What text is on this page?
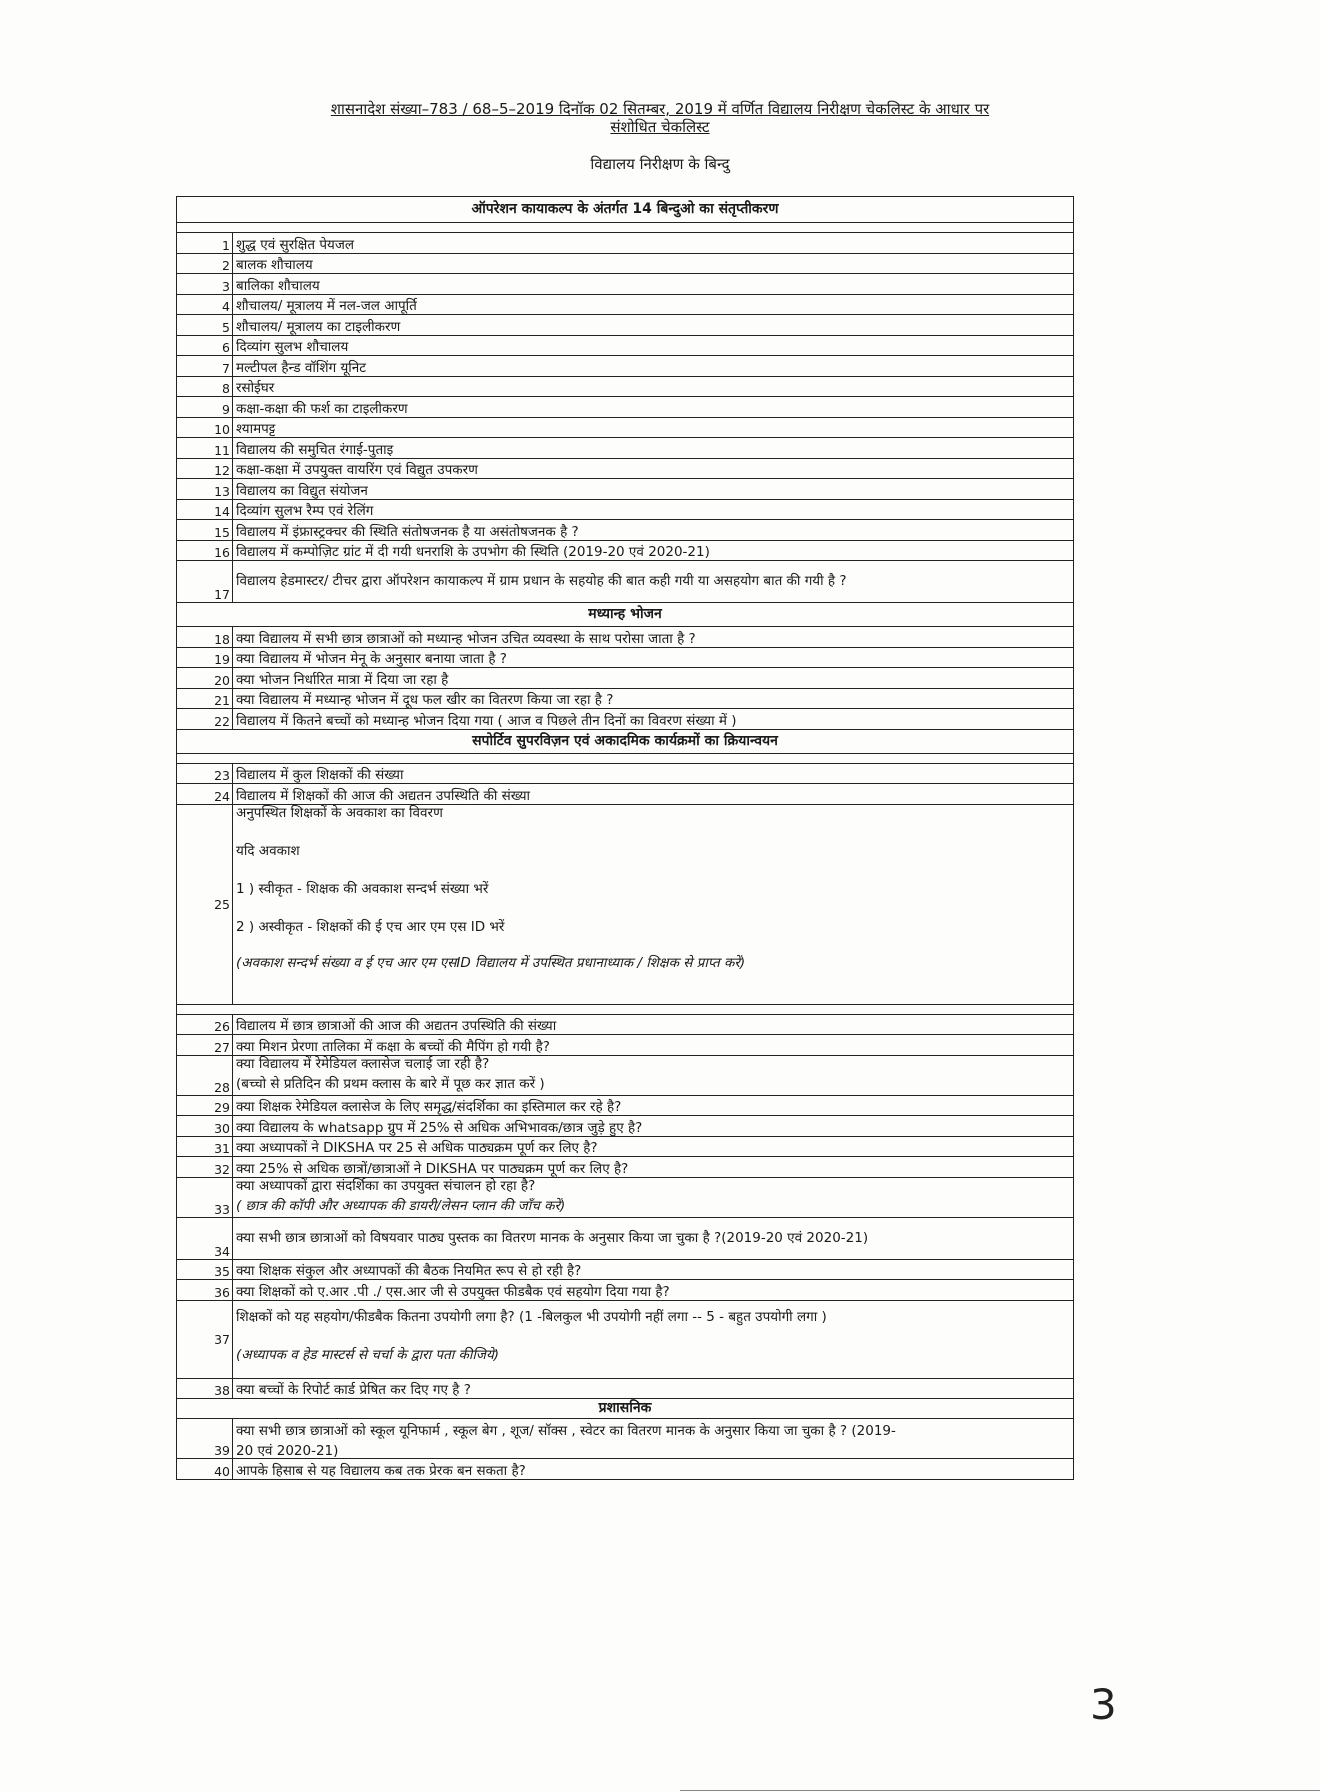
शासनादेश संख्या–783 / 68–5–2019 दिनॉक 02 सितम्बर, 2019 में वर्णित विद्यालय निरीक्षण चेकलिस्ट के आधार पर
संशोधित चेकलिस्ट
विद्यालय निरीक्षण के बिन्दु
ऑपरेशन कायाकल्प के अंतर्गत 14 बिन्दुओ का संतृप्तीकरण
1 शुद्ध एवं सुरक्षित पेयजल
2 बालक शौचालय
3 बालिका शौचालय
4 शौचालय/ मूत्रालय में नल-जल आपूर्ति
5 शौचालय/ मूत्रालय का टाइलीकरण
6 दिव्यांग सुलभ शौचालय
7 मल्टीपल हैन्ड वॉशिंग यूनिट
8 रसोईघर
9 कक्षा-कक्षा की फर्श का टाइलीकरण
10 श्यामपट्ट
11 विद्यालय की समुचित रंगाई-पुताइ
12 कक्षा-कक्षा में उपयुक्त वायरिंग एवं विद्युत उपकरण
13 विद्यालय का विद्युत संयोजन
14 दिव्यांग सुलभ रैम्प एवं रेलिंग
15 विद्यालय में इंफ्रास्ट्रक्चर की स्थिति संतोषजनक है या असंतोषजनक है ?
16 विद्यालय में कम्पोज़िट ग्रांट में दी गयी धनराशि के उपभोग की स्थिति (2019-20 एवं 2020-21)
17
विद्यालय हेडमास्टर/ टीचर द्वारा ऑपरेशन कायाकल्प में ग्राम प्रधान के सहयोह की बात कही गयी या असहयोग बात की गयी है ?
मध्यान्ह भोजन
18 क्या विद्यालय में सभी छात्र छात्राओं को मध्यान्ह भोजन उचित व्यवस्था के साथ परोसा जाता है ?
19 क्या विद्यालय में भोजन मेनू के अनुसार बनाया जाता है ?
20 क्या भोजन निर्धारित मात्रा में दिया जा रहा है
21 क्या विद्यालय में मध्यान्ह भोजन में दूध फल खीर का वितरण किया जा रहा है ?
22 विद्यालय में कितने बच्चों को मध्यान्ह भोजन दिया गया ( आज व पिछले तीन दिनों का विवरण संख्या में )
सपोर्टिव सुपरविज़न एवं अकादमिक कार्यक्रमों का क्रियान्वयन
23 विद्यालय में कुल शिक्षकों की संख्या
24 विद्यालय में शिक्षकों की आज की अद्यतन उपस्थिति की संख्या
25
अनुपस्थित शिक्षकों के अवकाश का विवरण
यदि अवकाश
1 ) स्वीकृत - शिक्षक की अवकाश सन्दर्भ संख्या भरें
2 ) अस्वीकृत - शिक्षकों की ई एच आर एम एस ID भरें
(अवकाश सन्दर्भ संख्या व ई एच आर एम एसID विद्यालय में उपस्थित प्रधानाध्याक / शिक्षक से प्राप्त करें)
26 विद्यालय में छात्र छात्राओं की आज की अद्यतन उपस्थिति की संख्या
27 क्या मिशन प्रेरणा तालिका में कक्षा के बच्चों की मैपिंग हो गयी है?
28
क्या विद्यालय में रेमेडियल क्लासेज चलाई जा रही है?
(बच्चो से प्रतिदिन की प्रथम क्लास के बारे में पूछ कर ज्ञात करें )
29 क्या शिक्षक रेमेडियल क्लासेज के लिए समृद्ध/संदर्शिका का इस्तिमाल कर रहे है?
30 क्या विद्यालय के whatsapp ग्रुप में 25% से अधिक अभिभावक/छात्र जुड़े हुए है?
31 क्या अध्यापकों ने DIKSHA पर 25 से अधिक पाठ्यक्रम पूर्ण कर लिए है?
32 क्या 25% से अधिक छात्रों/छात्राओं ने DIKSHA पर पाठ्यक्रम पूर्ण कर लिए है?
33
क्या अध्यापकों द्वारा संदर्शिका का उपयुक्त संचालन हो रहा है?
( छात्र की कॉपी और अध्यापक की डायरी/लेसन प्लान की जाँच करें)
34
क्या सभी छात्र छात्राओं को विषयवार पाठ्य पुस्तक का वितरण मानक के अनुसार किया जा चुका है ?(2019-20 एवं 2020-21)
35 क्या शिक्षक संकुल और अध्यापकों की बैठक नियमित रूप से हो रही है?
36 क्या शिक्षकों को ए.आर .पी ./ एस.आर जी से उपयुक्त फीडबैक एवं सहयोग दिया गया है?
37
शिक्षकों को यह सहयोग/फीडबैक कितना उपयोगी लगा है? (1 -बिलकुल भी उपयोगी नहीं लगा -- 5 - बहुत उपयोगी लगा )
(अध्यापक व हेड मास्टर्स से चर्चा के द्वारा पता कीजिये)
38 क्या बच्चों के रिपोर्ट कार्ड प्रेषित कर दिए गए है ?
प्रशासनिक
39
क्या सभी छात्र छात्राओं को स्कूल यूनिफार्म , स्कूल बेग , शूज/ सॉक्स , स्वेटर का वितरण मानक के अनुसार किया जा चुका है ? (2019-
20 एवं 2020-21)
40 आपके हिसाब से यह विद्यालय कब तक प्रेरक बन सकता है?
3
